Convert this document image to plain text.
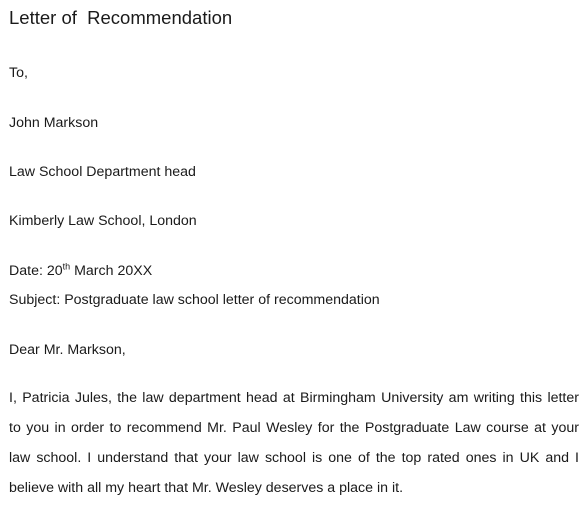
Letter of  Recommendation
To,
John Markson
Law School Department head
Kimberly Law School, London
Date: 20th March 20XX
Subject: Postgraduate law school letter of recommendation
Dear Mr. Markson,
I, Patricia Jules, the law department head at Birmingham University am writing this letter
to you in order to recommend Mr. Paul Wesley for the Postgraduate Law course at your
law school. I understand that your law school is one of the top rated ones in UK and I
believe with all my heart that Mr. Wesley deserves a place in it.
